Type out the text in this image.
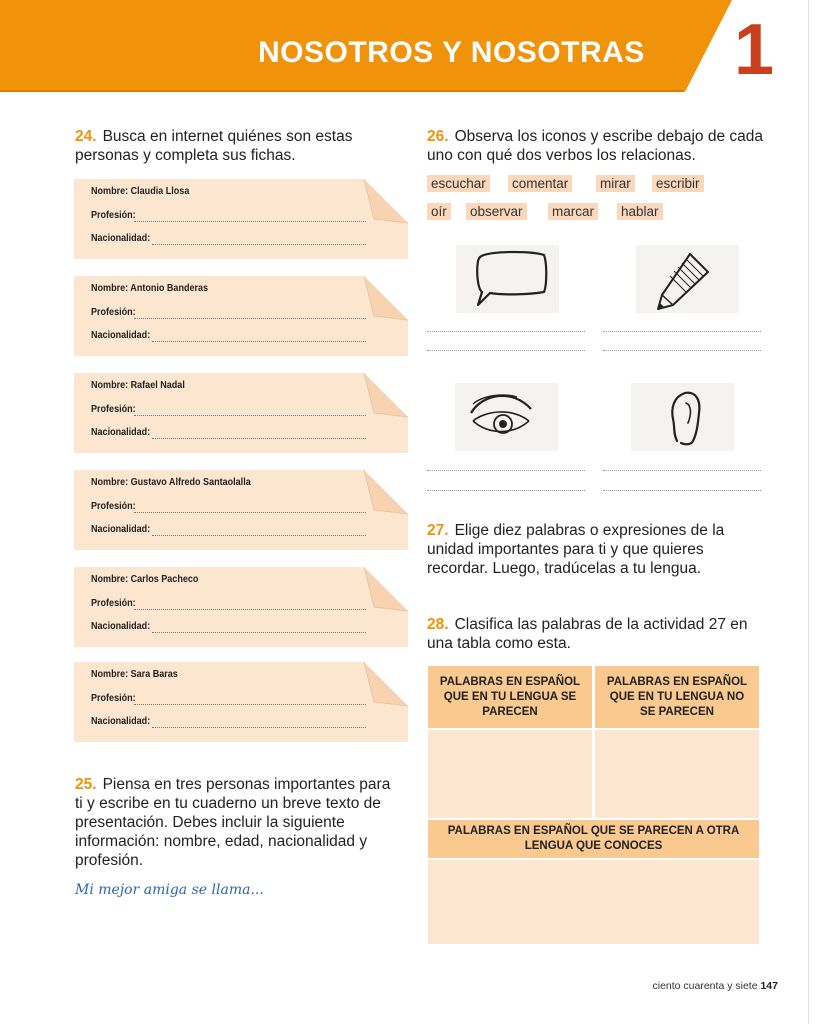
NOSOTROS Y NOSOTRAS 1
24. Busca en internet quiénes son estas personas y completa sus fichas.
Nombre: Claudia Llosa
Profesión:
Nacionalidad:
Nombre: Antonio Banderas
Profesión:
Nacionalidad:
Nombre: Rafael Nadal
Profesión:
Nacionalidad:
Nombre: Gustavo Alfredo Santaolalla
Profesión:
Nacionalidad:
Nombre: Carlos Pacheco
Profesión:
Nacionalidad:
Nombre: Sara Baras
Profesión:
Nacionalidad:
25. Piensa en tres personas importantes para ti y escribe en tu cuaderno un breve texto de presentación. Debes incluir la siguiente información: nombre, edad, nacionalidad y profesión.
Mi mejor amiga se llama...
26. Observa los iconos y escribe debajo de cada uno con qué dos verbos los relacionas.
escuchar comentar mirar escribir
oír observar marcar hablar
27. Elige diez palabras o expresiones de la unidad importantes para ti y que quieres recordar. Luego, tradúcelas a tu lengua.
28. Clasifica las palabras de la actividad 27 en una tabla como esta.
PALABRAS EN ESPAÑOL QUE EN TU LENGUA SE PARECEN
PALABRAS EN ESPAÑOL QUE EN TU LENGUA NO SE PARECEN
PALABRAS EN ESPAÑOL QUE SE PARECEN A OTRA LENGUA QUE CONOCES
ciento cuarenta y siete 147
